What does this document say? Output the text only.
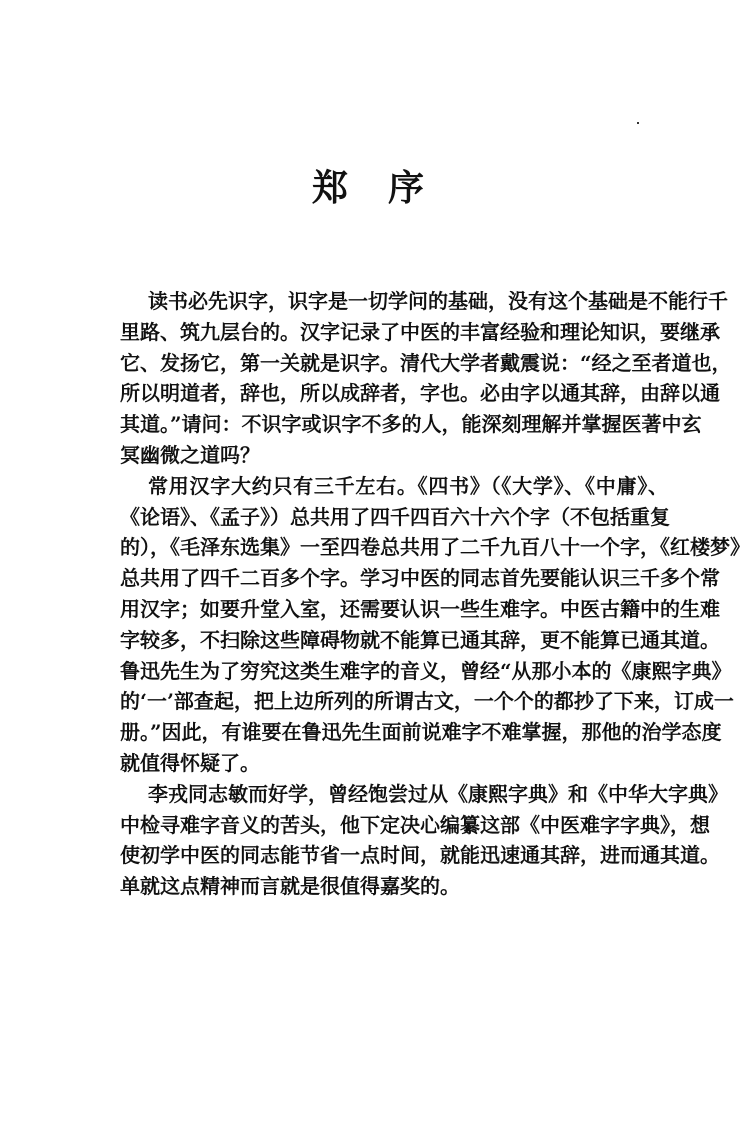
郑序
读书必先识字，识字是一切学问的基础，没有这个基础是不能行千
里路、筑九层台的。汉字记录了中医的丰富经验和理论知识，要继承
它、发扬它，第一关就是识字。清代大学者戴震说：“经之至者道也，
所以明道者，辞也，所以成辞者，字也。必由字以通其辞，由辞以通
其道。”请问：不识字或识字不多的人，能深刻理解并掌握医著中玄
冥幽微之道吗？
常用汉字大约只有三千左右。《四书》（《大学》、《中庸》、
《论语》、《孟子》）总共用了四千四百六十六个字（不包括重复
的），《毛泽东选集》一至四卷总共用了二千九百八十一个字，《红楼梦》
总共用了四千二百多个字。学习中医的同志首先要能认识三千多个常
用汉字；如要升堂入室，还需要认识一些生难字。中医古籍中的生难
字较多，不扫除这些障碍物就不能算已通其辞，更不能算已通其道。
鲁迅先生为了穷究这类生难字的音义，曾经“从那小本的《康熙字典》
的‘一’部查起，把上边所列的所谓古文，一个个的都抄了下来，订成一
册。”因此，有谁要在鲁迅先生面前说难字不难掌握，那他的治学态度
就值得怀疑了。
李戎同志敏而好学，曾经饱尝过从《康熙字典》和《中华大字典》
中检寻难字音义的苦头，他下定决心编纂这部《中医难字字典》，想
使初学中医的同志能节省一点时间，就能迅速通其辞，进而通其道。
单就这点精神而言就是很值得嘉奖的。
